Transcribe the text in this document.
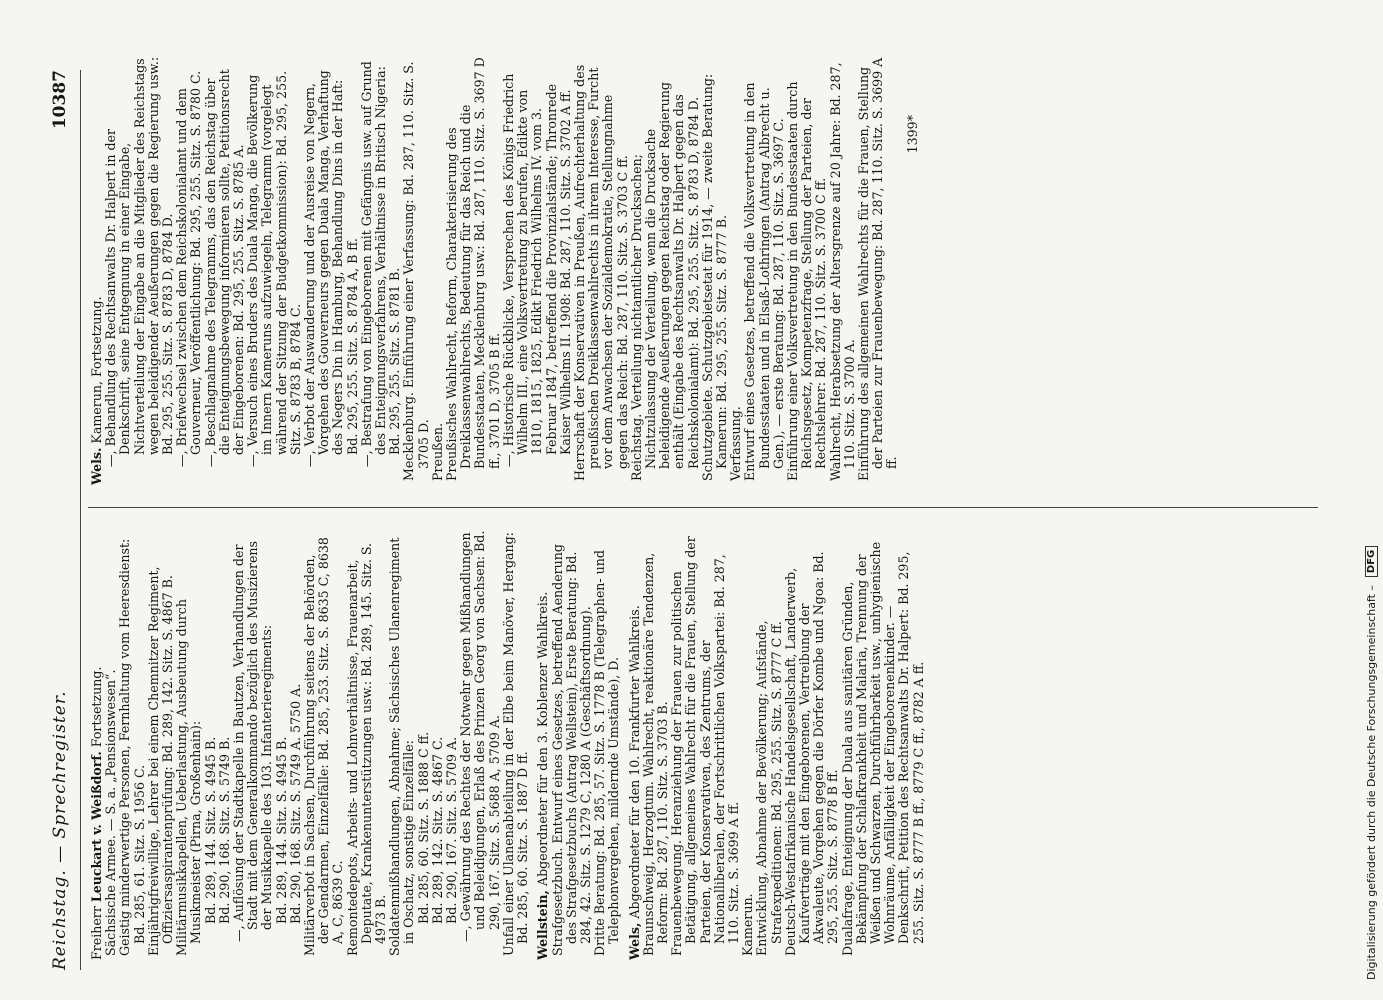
Reichstag. — Sprechregister.
10387
Freiherr Leuckart v. Weißdorf. Fortsetzung. Sächsische Armee. — S. a. „Pensionswesen“. Geistig minderwertige Personen, Fernhaltung vom Heeresdienst: Bd. 285, 61. Sitz. S. 1956 C. Einjährigfreiwillige, Lehrer bei einem Chemnitzer Regiment, Offiziersaspirantenprüfung: Bd. 289, 142. Sitz. S. 4867 B. Militärmusikkapellen, Ueberlastung, Ausbeutung durch Musikmeister (Pirna, Großenhain): Bd. 289, 144. Sitz. S. 4945 B. Bd. 290, 168. Sitz. S. 5749 B. —, Auflösung der Stadtkapelle in Bautzen, Verhandlungen der Stadt mit dem Generalkommando bezüglich des Musizierens der Musikkapelle des 103. Infanterieregiments: Bd. 289, 144. Sitz. S. 4945 B. Bd. 290, 168. Sitz. S. 5749 A. 5750 A. Militärverbot in Sachsen, Durchführung seitens der Behörden, der Gendarmen, Einzelfälle: Bd. 285, 253. Sitz. S. 8635 C, 8638 A, C, 8639 C. Remontedepots, Arbeits- und Lohnverhältnisse, Frauenarbeit, Deputate, Krankenunterstützungen usw.: Bd. 289, 145. Sitz. S. 4973 B. Soldatenmißhandlungen, Abnahme; Sächsisches Ulanenregiment in Oschatz, sonstige Einzelfälle: Bd. 285, 60. Sitz. S. 1888 C ff. Bd. 289, 142. Sitz. S. 4867 C. Bd. 290, 167. Sitz. S. 5709 A. —, Gewährung des Rechtes der Notwehr gegen Mißhandlungen und Beleidigungen, Erlaß des Prinzen Georg von Sachsen: Bd. 290, 167. Sitz. S. 5688 A, 5709 A. Unfall einer Ulanenabteilung in der Elbe beim Manöver, Hergang: Bd. 285, 60. Sitz. S. 1887 D ff. Wellstein, Abgeordneter für den 3. Koblenzer Wahlkreis. Strafgesetzbuch. Entwurf eines Gesetzes, betreffend Aenderung des Strafgesetzbuchs (Antrag Wellstein), Erste Beratung: Bd. 284, 42. Sitz. S. 1279 C, 1280 A (Geschäftsordnung). Dritte Beratung: Bd. 285, 57. Sitz. S. 1778 B (Telegraphen- und Telephonvergehen, mildernde Umstände), D. Wels, Abgeordneter für den 10. Frankfurter Wahlkreis. Braunschweig, Herzogtum. Wahlrecht, reaktionäre Tendenzen, Reform: Bd. 287, 110. Sitz. S. 3703 B. Frauenbewegung. Heranziehung der Frauen zur politischen Betätigung, allgemeines Wahlrecht für die Frauen, Stellung der Parteien, der Konservativen, des Zentrums, der Nationalliberalen, der Fortschrittlichen Volkspartei: Bd. 287, 110. Sitz. S. 3699 A ff. Kamerun. Entwicklung, Abnahme der Bevölkerung; Aufstände, Strafexpeditionen: Bd. 295, 255. Sitz. S. 8777 C ff. Deutsch-Westafrikanische Handelsgesellschaft, Landerwerb, Kaufverträge mit den Eingeborenen, Vertreibung der Akwaleute, Vorgehen gegen die Dörfer Kombe und Ngoa: Bd. 295, 255. Sitz. S. 8778 B ff. Dualafrage, Enteignung der Duala aus sanitären Gründen, Bekämpfung der Schlafkrankheit und Malaria, Trennung der Weißen und Schwarzen, Durchführbarkeit usw., unhygienische Wohnräume, Anfälligkeit der Eingeborenenkinder. — Denkschrift, Petition des Rechtsanwalts Dr. Halpert: Bd. 295, 255. Sitz. S. 8777 B ff., 8779 C ff., 8782 A ff.

Wels. Kamerun, Fortsetzung. —, Behandlung des Rechtsanwalts Dr. Halpert in der Denkschrift, seine Entgegnung in einer Eingabe, Nichtverteilung der Eingabe an die Mitglieder des Reichstags wegen beleidigender Aeußerungen gegen die Regierung usw.: Bd. 295, 255. Sitz. S. 8783 D, 8784 D. —, Briefwechsel zwischen dem Reichskolonialamt und dem Gouverneur, Veröffentlichung: Bd. 295, 255. Sitz. S. 8780 C. —, Beschlagnahme des Telegramms, das den Reichstag über die Enteignungsbewegung informieren sollte, Petitionsrecht der Eingeborenen: Bd. 295, 255. Sitz. S. 8785 A. —, Versuch eines Bruders des Duala Manga, die Bevölkerung im Innern Kameruns aufzuwiegeln, Telegramm (vorgelegt während der Sitzung der Budgetkommission): Bd. 295, 255. Sitz. S. 8783 B, 8784 C. —, Verbot der Auswanderung und der Ausreise von Negern, Vorgehen des Gouverneurs gegen Duala Manga, Verhaftung des Negers Din in Hamburg, Behandlung Dins in der Haft: Bd. 295, 255. Sitz. S. 8784 A, B ff. —, Bestrafung von Eingeborenen mit Gefängnis usw. auf Grund des Enteignungsverfahrens, Verhältnisse in Britisch Nigeria: Bd. 295, 255. Sitz. S. 8781 B. Mecklenburg. Einführung einer Verfassung: Bd. 287, 110. Sitz. S. 3705 D. Preußen. Preußisches Wahlrecht, Reform, Charakterisierung des Dreiklassenwahlrechts, Bedeutung für das Reich und die Bundesstaaten, Mecklenburg usw.: Bd. 287, 110. Sitz. S. 3697 D ff., 3701 D, 3705 B ff. —, Historische Rückblicke, Versprechen des Königs Friedrich Wilhelm III., eine Volksvertretung zu berufen, Edikte von 1810, 1815, 1825, Edikt Friedrich Wilhelms IV. vom 3. Februar 1847, betreffend die Provinzialstände; Thronrede Kaiser Wilhelms II. 1908: Bd. 287, 110. Sitz. S. 3702 A ff. Herrschaft der Konservativen in Preußen, Aufrechterhaltung des preußischen Dreiklassenwahlrechts in ihrem Interesse, Furcht vor dem Anwachsen der Sozialdemokratie, Stellungnahme gegen das Reich: Bd. 287, 110. Sitz. S. 3703 C ff. Reichstag. Verteilung nichtamtlicher Drucksachen; Nichtzulassung der Verteilung, wenn die Drucksache beleidigende Aeußerungen gegen Reichstag oder Regierung enthält (Eingabe des Rechtsanwalts Dr. Halpert gegen das Reichskolonialamt): Bd. 295, 255. Sitz. S. 8783 D, 8784 D. Schutzgebiete. Schutzgebietsetat für 1914, — zweite Beratung: Kamerun: Bd. 295, 255. Sitz. S. 8777 B. Verfassung. Entwurf eines Gesetzes, betreffend die Volksvertretung in den Bundesstaaten und in Elsaß-Lothringen (Antrag Albrecht u. Gen.), — erste Beratung: Bd. 287, 110. Sitz. S. 3697 C. Einführung einer Volksvertretung in den Bundesstaaten durch Reichsgesetz, Kompetenzfrage, Stellung der Parteien, der Rechtslehrer: Bd. 287, 110. Sitz. S. 3700 C ff. Wahlrecht, Herabsetzung der Altersgrenze auf 20 Jahre: Bd. 287, 110. Sitz. S. 3700 A. Einführung des allgemeinen Wahlrechts für die Frauen, Stellung der Parteien zur Frauenbewegung: Bd. 287, 110. Sitz. S. 3699 A ff.

1399*
Digitalisierung gefördert durch die Deutsche Forschungsgemeinschaft –
DFG
